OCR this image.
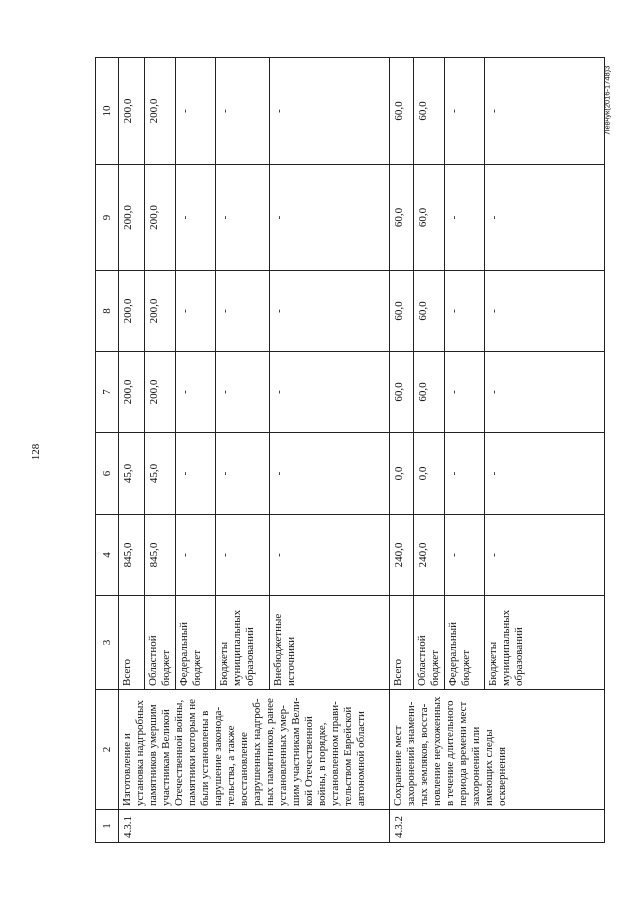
128
Левчук(2016-1748)3
1	2	3	4	6	7	8	9	10
4.3.1	Изготовление и установка надгробных памятников умершим участникам Великой Отечественной войны, памятники которым не были установлены в нарушение законода-тельства, а также восстановление разрушенных надгроб-ных памятников, ранее установленных умер-шим участникам Вели-кой Отечественной войны, в порядке, установленном прави-тельством Еврейской автономной области	Всего	845,0	45,0	200,0	200,0	200,0	200,0
		Областной бюджет	845,0	45,0	200,0	200,0	200,0	200,0
		Федеральный бюджет	-	-	-	-	-	-
		Бюджеты муниципальных образований	-	-	-	-	-	-
		Внебюджетные источники	-	-	-	-	-	-
4.3.2	Сохранение мест захоронений знамени-тых земляков, восста-новление неухоженных в течение длительного периода времени мест захоронений или имеющих следы осквернения	Всего	240,0	0,0	60,0	60,0	60,0	60,0
		Областной бюджет	240,0	0,0	60,0	60,0	60,0	60,0
		Федеральный бюджет	-	-	-	-	-	-
		Бюджеты муниципальных образований	-	-	-	-	-	-
